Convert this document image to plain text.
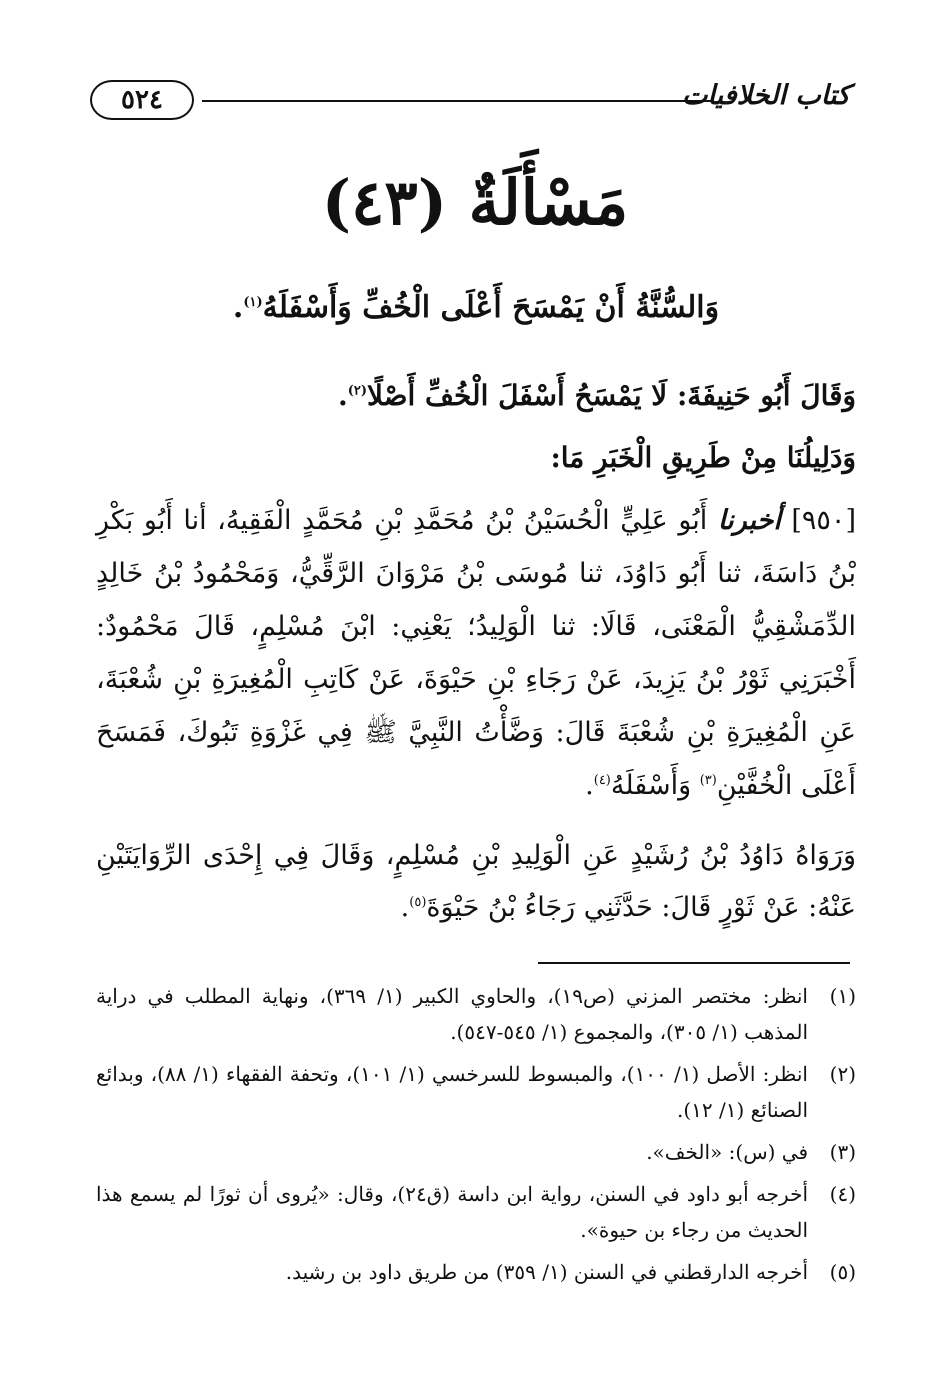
٥٢٤	كتاب الخلافيات
مَسْأَلَةٌ (٤٣)
وَالسُّنَّةُ أَنْ يَمْسَحَ أَعْلَى الْخُفِّ وَأَسْفَلَهُ$^{(١)}$.
وَقَالَ أَبُو حَنِيفَةَ: لَا يَمْسَحُ أَسْفَلَ الْخُفِّ أَصْلًا$^{(٢)}$.
وَدَلِيلُنَا مِنْ طَرِيقِ الْخَبَرِ مَا:
[٩٥٠] أخبرنا أَبُو عَلِيٍّ الْحُسَيْنُ بْنُ مُحَمَّدِ بْنِ مُحَمَّدٍ الْفَقِيهُ، أنا أَبُو بَكْرِ بْنُ دَاسَةَ، ثنا أَبُو دَاوُدَ، ثنا مُوسَى بْنُ مَرْوَانَ الرَّقِّيُّ، وَمَحْمُودُ بْنُ خَالِدٍ الدِّمَشْقِيُّ الْمَعْنَى، قَالَا: ثنا الْوَلِيدُ؛ يَعْنِي: ابْنَ مُسْلِمٍ، قَالَ مَحْمُودٌ: أَخْبَرَنِي ثَوْرُ بْنُ يَزِيدَ، عَنْ رَجَاءِ بْنِ حَيْوَةَ، عَنْ كَاتِبِ الْمُغِيرَةِ بْنِ شُعْبَةَ، عَنِ الْمُغِيرَةِ بْنِ شُعْبَةَ قَالَ: وَضَّأْتُ النَّبِيَّ ﷺ فِي غَزْوَةِ تَبُوكَ، فَمَسَحَ أَعْلَى الْخُفَّيْنِ$^{(٣)}$ وَأَسْفَلَهُ$^{(٤)}$.
وَرَوَاهُ دَاوُدُ بْنُ رُشَيْدٍ عَنِ الْوَلِيدِ بْنِ مُسْلِمٍ، وَقَالَ فِي إِحْدَى الرِّوَايَتَيْنِ عَنْهُ: عَنْ ثَوْرٍ قَالَ: حَدَّثَنِي رَجَاءُ بْنُ حَيْوَةَ$^{(٥)}$.
(١)
انظر: مختصر المزني (ص١٩)، والحاوي الكبير (١/ ٣٦٩)، ونهاية المطلب في دراية المذهب (١/ ٣٠٥)، والمجموع (١/ ٥٤٥-٥٤٧).
(٢)
انظر: الأصل (١/ ١٠٠)، والمبسوط للسرخسي (١/ ١٠١)، وتحفة الفقهاء (١/ ٨٨)، وبدائع الصنائع (١/ ١٢).
(٣)
في (س): «الخف».
(٤)
أخرجه أبو داود في السنن، رواية ابن داسة (ق٢٤)، وقال: «يُروى أن ثورًا لم يسمع هذا الحديث من رجاء بن حيوة».
(٥)
أخرجه الدارقطني في السنن (١/ ٣٥٩) من طريق داود بن رشيد.
